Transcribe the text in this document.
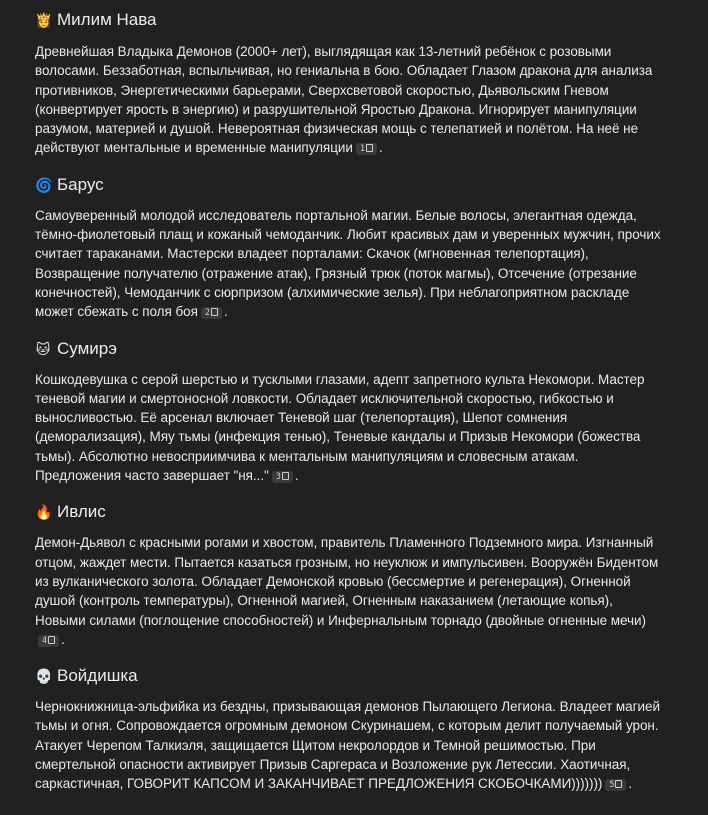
👸 Милим Нава

Древнейшая Владыка Демонов (2000+ лет), выглядящая как 13-летний ребёнок с розовыми волосами. Беззаботная, вспыльчивая, но гениальна в бою. Обладает Глазом дракона для анализа противников, Энергетическими барьерами, Сверхсветовой скоростью, Дьявольским Гневом (конвертирует ярость в энергию) и разрушительной Яростью Дракона. Игнорирует манипуляции разумом, материей и душой. Невероятная физическая мощь с телепатией и полётом. На неё не действуют ментальные и временные манипуляции 1 .

🌀 Барус

Самоуверенный молодой исследователь портальной магии. Белые волосы, элегантная одежда, тёмно-фиолетовый плащ и кожаный чемоданчик. Любит красивых дам и уверенных мужчин, прочих считает тараканами. Мастерски владеет порталами: Скачок (мгновенная телепортация), Возвращение получателю (отражение атак), Грязный трюк (поток магмы), Отсечение (отрезание конечностей), Чемоданчик с сюрпризом (алхимические зелья). При неблагоприятном раскладе может сбежать с поля боя 2 .

🐱 Сумирэ

Кошкодевушка с серой шерстью и тусклыми глазами, адепт запретного культа Некомори. Мастер теневой магии и смертоносной ловкости. Обладает исключительной скоростью, гибкостью и выносливостью. Её арсенал включает Теневой шаг (телепортация), Шепот сомнения (деморализация), Мяу тьмы (инфекция тенью), Теневые кандалы и Призыв Некомори (божества тьмы). Абсолютно невосприимчива к ментальным манипуляциям и словесным атакам. Предложения часто завершает "ня..." 3 .

🔥 Ивлис

Демон-Дьявол с красными рогами и хвостом, правитель Пламенного Подземного мира. Изгнанный отцом, жаждет мести. Пытается казаться грозным, но неуклюж и импульсивен. Вооружён Бидентом из вулканического золота. Обладает Демонской кровью (бессмертие и регенерация), Огненной душой (контроль температуры), Огненной магией, Огненным наказанием (летающие копья), Новыми силами (поглощение способностей) и Инфернальным торнадо (двойные огненные мечи)4 .

💀 Войдишка

Чернокнижница-эльфийка из бездны, призывающая демонов Пылающего Легиона. Владеет магией тьмы и огня. Сопровождается огромным демоном Скуринашем, с которым делит получаемый урон. Атакует Черепом Талкиэля, защищается Щитом некролордов и Темной решимостью. При смертельной опасности активирует Призыв Саргераса и Возложение рук Летессии. Хаотичная, саркастичная, ГОВОРИТ КАПСОМ И ЗАКАНЧИВАЕТ ПРЕДЛОЖЕНИЯ СКОБОЧКАМИ))))))) 5 .
